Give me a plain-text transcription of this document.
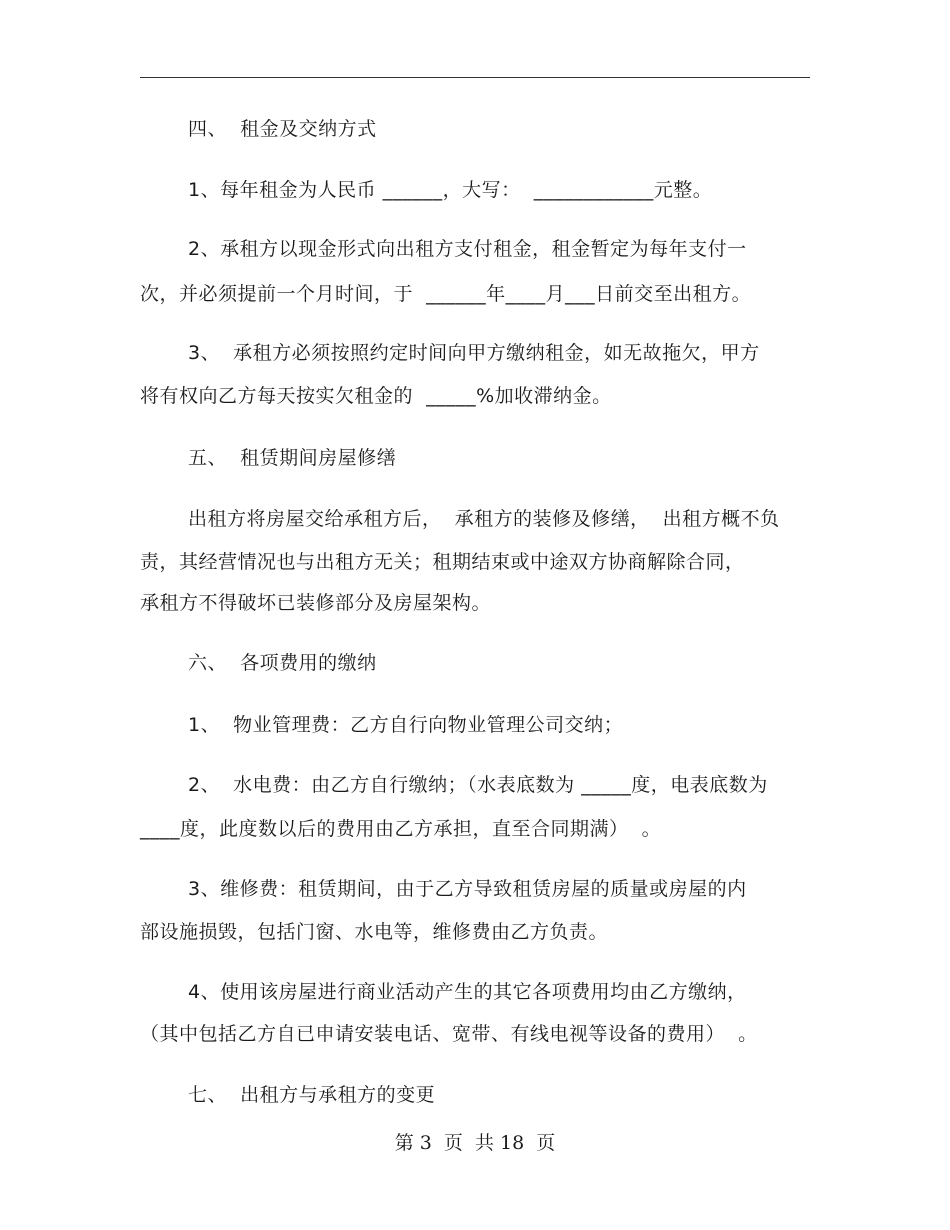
四、  租金及交纳方式
1、每年租金为人民币 ______，大写：  ____________元整。
2、承租方以现金形式向出租方支付租金，租金暂定为每年支付一
次，并必须提前一个月时间，于  ______年____月___日前交至出租方。
3、  承租方必须按照约定时间向甲方缴纳租金，如无故拖欠，甲方
将有权向乙方每天按实欠租金的  _____%加收滞纳金。
五、  租赁期间房屋修缮
出租方将房屋交给承租方后，  承租方的装修及修缮，  出租方概不负
责，其经营情况也与出租方无关；租期结束或中途双方协商解除合同，
承租方不得破坏已装修部分及房屋架构。
六、  各项费用的缴纳
1、  物业管理费：乙方自行向物业管理公司交纳；
2、  水电费：由乙方自行缴纳；（水表底数为 _____度，电表底数为
____度，此度数以后的费用由乙方承担，直至合同期满）  。
3、维修费：租赁期间，由于乙方导致租赁房屋的质量或房屋的内
部设施损毁，包括门窗、水电等，维修费由乙方负责。
4、使用该房屋进行商业活动产生的其它各项费用均由乙方缴纳，
（其中包括乙方自已申请安装电话、宽带、有线电视等设备的费用）  。
七、  出租方与承租方的变更
第 3  页  共 18  页
